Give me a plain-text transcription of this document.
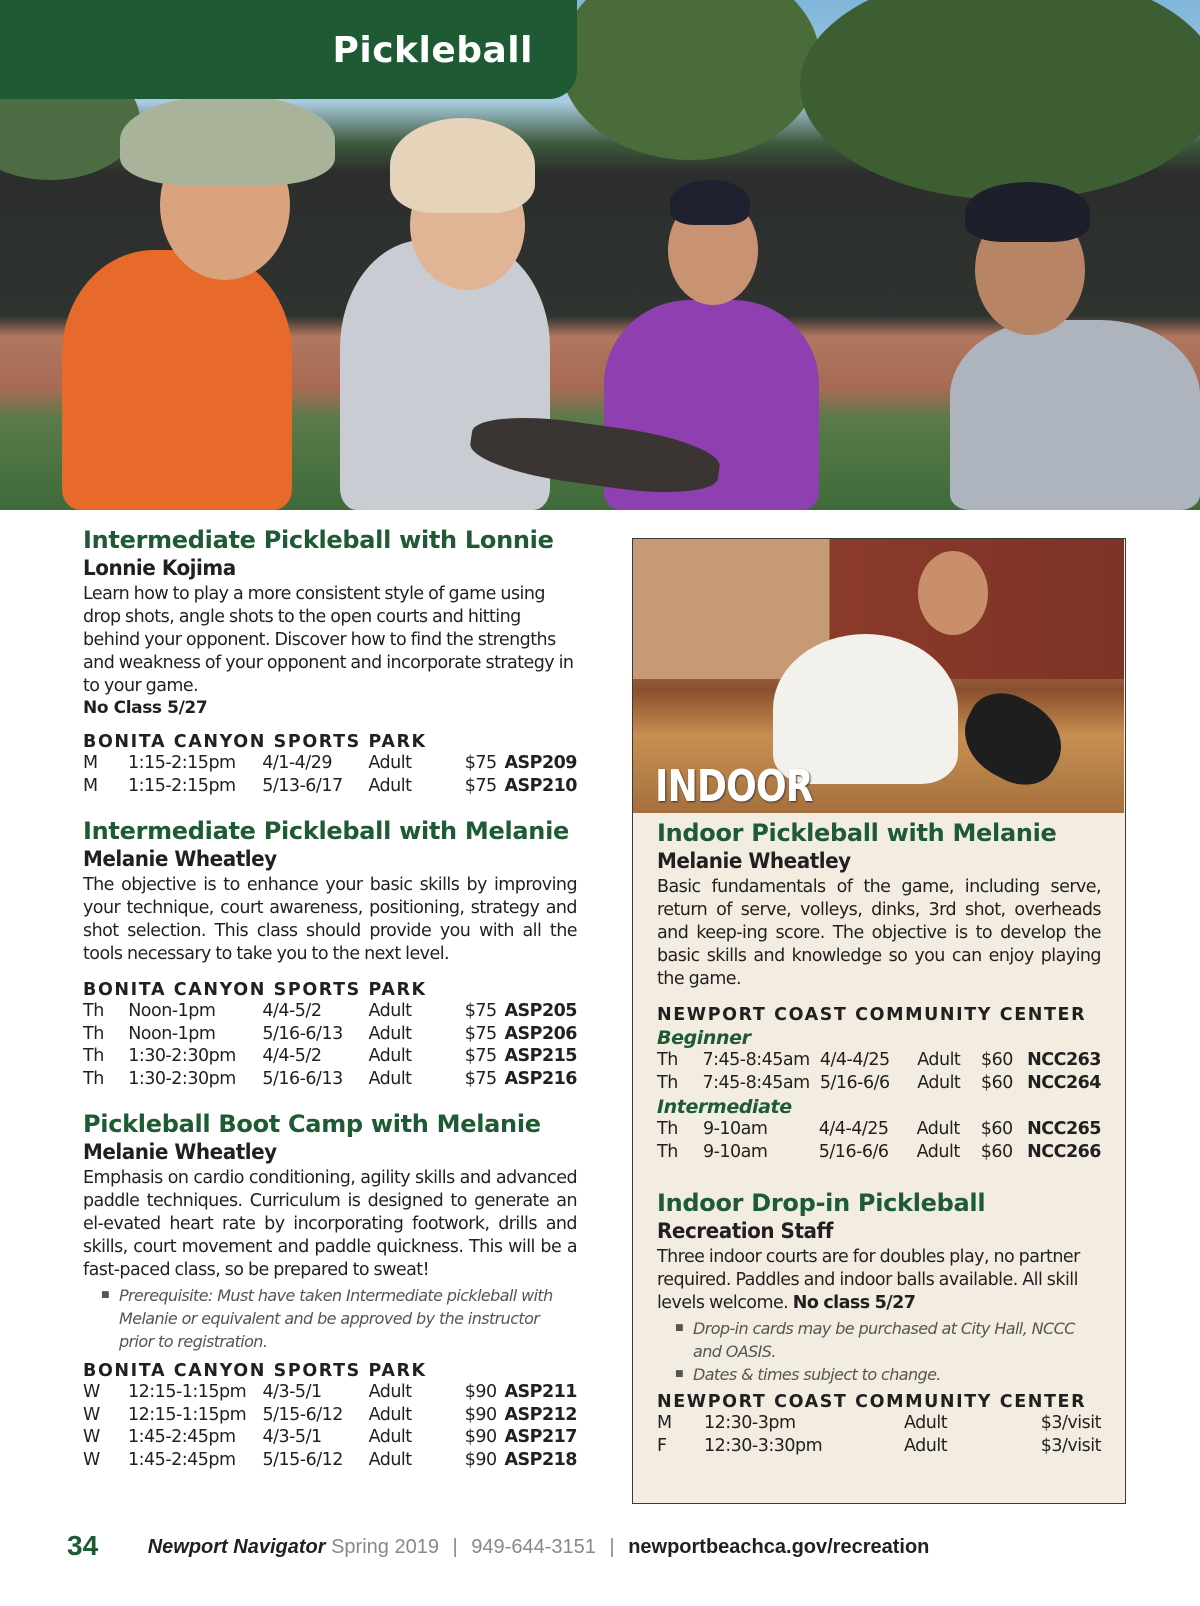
Pickleball
Intermediate Pickleball with Lonnie
Lonnie Kojima

Learn how to play a more consistent style of game using drop shots, angle shots to the open courts and hitting behind your opponent. Discover how to find the strengths and weakness of your opponent and incorporate strategy in to your game.

No Class 5/27
BONITA CANYON SPORTS PARK
M	1:15-2:15pm	4/1-4/29	Adult	$75	ASP209
M	1:15-2:15pm	5/13-6/17	Adult	$75	ASP210
Intermediate Pickleball with Melanie
Melanie Wheatley

The objective is to enhance your basic skills by improving your technique, court awareness, positioning, strategy and shot selection. This class should provide you with all the tools necessary to take you to the next level.

BONITA CANYON SPORTS PARK
Th	Noon-1pm	4/4-5/2	Adult	$75	ASP205
Th	Noon-1pm	5/16-6/13	Adult	$75	ASP206
Th	1:30-2:30pm	4/4-5/2	Adult	$75	ASP215
Th	1:30-2:30pm	5/16-6/13	Adult	$75	ASP216
Pickleball Boot Camp with Melanie
Melanie Wheatley

Emphasis on cardio conditioning, agility skills and advanced paddle techniques. Curriculum is designed to generate an el-evated heart rate by incorporating footwork, drills and skills, court movement and paddle quickness. This will be a fast-paced class, so be prepared to sweat!

■ Prerequisite: Must have taken Intermediate pickleball with Melanie or equivalent and be approved by the instructor prior to registration.
BONITA CANYON SPORTS PARK
W	12:15-1:15pm	4/3-5/1	Adult	$90	ASP211
W	12:15-1:15pm	5/15-6/12	Adult	$90	ASP212
W	1:45-2:45pm	4/3-5/1	Adult	$90	ASP217
W	1:45-2:45pm	5/15-6/12	Adult	$90	ASP218
INDOOR
Indoor Pickleball with Melanie
Melanie Wheatley

Basic fundamentals of the game, including serve, return of serve, volleys, dinks, 3rd shot, overheads and keep-ing score. The objective is to develop the basic skills and knowledge so you can enjoy playing the game.

NEWPORT COAST COMMUNITY CENTER
Beginner
Th	7:45-8:45am	4/4-4/25	Adult	$60	NCC263
Th	7:45-8:45am	5/16-6/6	Adult	$60	NCC264
Intermediate
Th	9-10am	4/4-4/25	Adult	$60	NCC265
Th	9-10am	5/16-6/6	Adult	$60	NCC266
Indoor Drop-in Pickleball
Recreation Staff

Three indoor courts are for doubles play, no partner required. Paddles and indoor balls available. All skill levels welcome. No class 5/27

■ Drop-in cards may be purchased at City Hall, NCCC and OASIS.
■ Dates & times subject to change.
NEWPORT COAST COMMUNITY CENTER
M	12:30-3pm	Adult	$3/visit
F	12:30-3:30pm	Adult	$3/visit
34 Newport Navigator Spring 2019 | 949-644-3151 | newportbeachca.gov/recreation
